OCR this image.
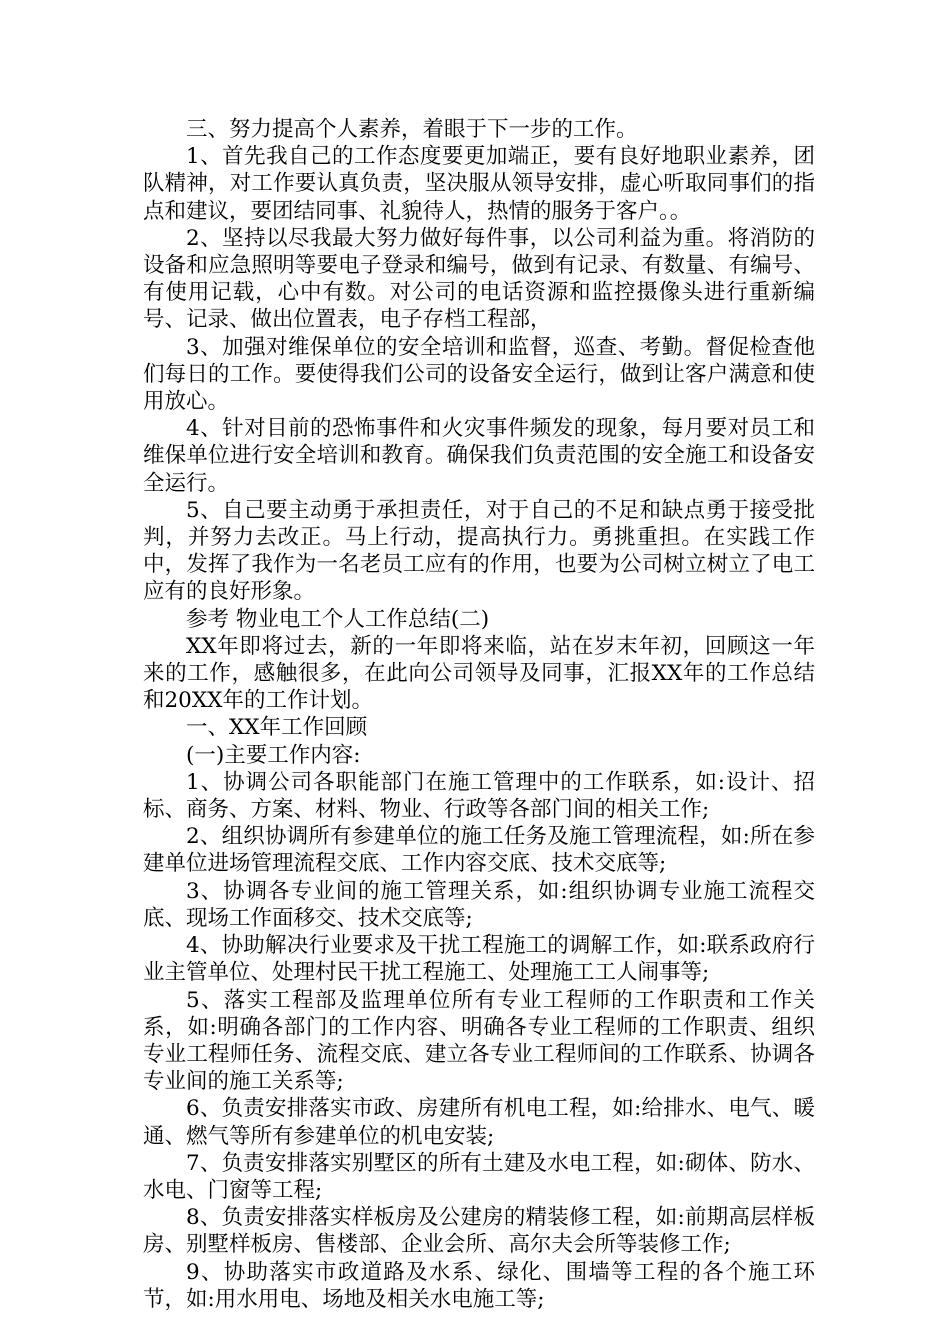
三、努力提高个人素养，着眼于下一步的工作。

1、首先我自己的工作态度要更加端正，要有良好地职业素养，团队精神，对工作要认真负责，坚决服从领导安排，虚心听取同事们的指点和建议，要团结同事、礼貌待人，热情的服务于客户。。

2、坚持以尽我最大努力做好每件事，以公司利益为重。将消防的设备和应急照明等要电子登录和编号，做到有记录、有数量、有编号、有使用记载，心中有数。对公司的电话资源和监控摄像头进行重新编号、记录、做出位置表，电子存档工程部，

3、加强对维保单位的安全培训和监督，巡查、考勤。督促检查他们每日的工作。要使得我们公司的设备安全运行，做到让客户满意和使用放心。

4、针对目前的恐怖事件和火灾事件频发的现象，每月要对员工和维保单位进行安全培训和教育。确保我们负责范围的安全施工和设备安全运行。

5、自己要主动勇于承担责任，对于自己的不足和缺点勇于接受批判，并努力去改正。马上行动，提高执行力。勇挑重担。在实践工作中，发挥了我作为一名老员工应有的作用，也要为公司树立树立了电工应有的良好形象。

参考 物业电工个人工作总结(二)

XX年即将过去，新的一年即将来临，站在岁末年初，回顾这一年来的工作，感触很多，在此向公司领导及同事，汇报XX年的工作总结和20XX年的工作计划。

一、XX年工作回顾

(一)主要工作内容:

1、协调公司各职能部门在施工管理中的工作联系，如:设计、招标、商务、方案、材料、物业、行政等各部门间的相关工作;

2、组织协调所有参建单位的施工任务及施工管理流程，如:所在参建单位进场管理流程交底、工作内容交底、技术交底等;

3、协调各专业间的施工管理关系，如:组织协调专业施工流程交底、现场工作面移交、技术交底等;

4、协助解决行业要求及干扰工程施工的调解工作，如:联系政府行业主管单位、处理村民干扰工程施工、处理施工工人闹事等;

5、落实工程部及监理单位所有专业工程师的工作职责和工作关系，如:明确各部门的工作内容、明确各专业工程师的工作职责、组织专业工程师任务、流程交底、建立各专业工程师间的工作联系、协调各专业间的施工关系等;

6、负责安排落实市政、房建所有机电工程，如:给排水、电气、暖通、燃气等所有参建单位的机电安装;

7、负责安排落实别墅区的所有土建及水电工程，如:砌体、防水、水电、门窗等工程;

8、负责安排落实样板房及公建房的精装修工程，如:前期高层样板房、别墅样板房、售楼部、企业会所、高尔夫会所等装修工作;

9、协助落实市政道路及水系、绿化、围墙等工程的各个施工环节，如:用水用电、场地及相关水电施工等;
